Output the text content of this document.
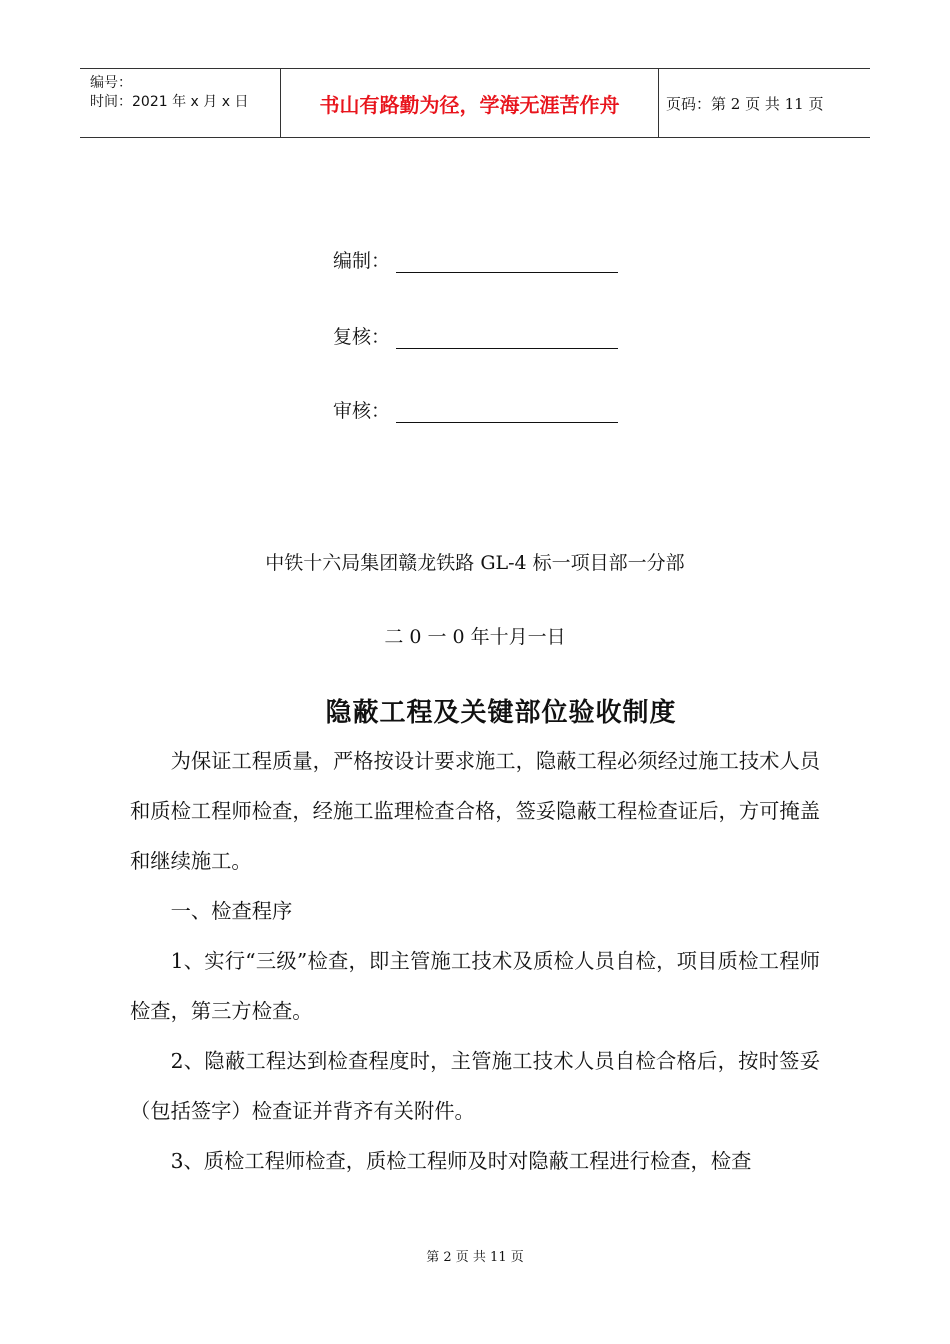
编号：
时间：2021 年 x 月 x 日	书山有路勤为径，学海无涯苦作舟	页码：第 2 页 共 11 页
编制：
复核：
审核：
中铁十六局集团赣龙铁路 GL-4 标一项目部一分部
二 0 一 0 年十月一日
隐蔽工程及关键部位验收制度

为保证工程质量，严格按设计要求施工，隐蔽工程必须经过施工技术人员和质检工程师检查，经施工监理检查合格，签妥隐蔽工程检查证后，方可掩盖和继续施工。

一、检查程序

1、实行“三级”检查，即主管施工技术及质检人员自检，项目质检工程师检查，第三方检查。

2、隐蔽工程达到检查程度时，主管施工技术人员自检合格后，按时签妥（包括签字）检查证并背齐有关附件。

3、质检工程师检查，质检工程师及时对隐蔽工程进行检查，检查

第 2 页 共 11 页
